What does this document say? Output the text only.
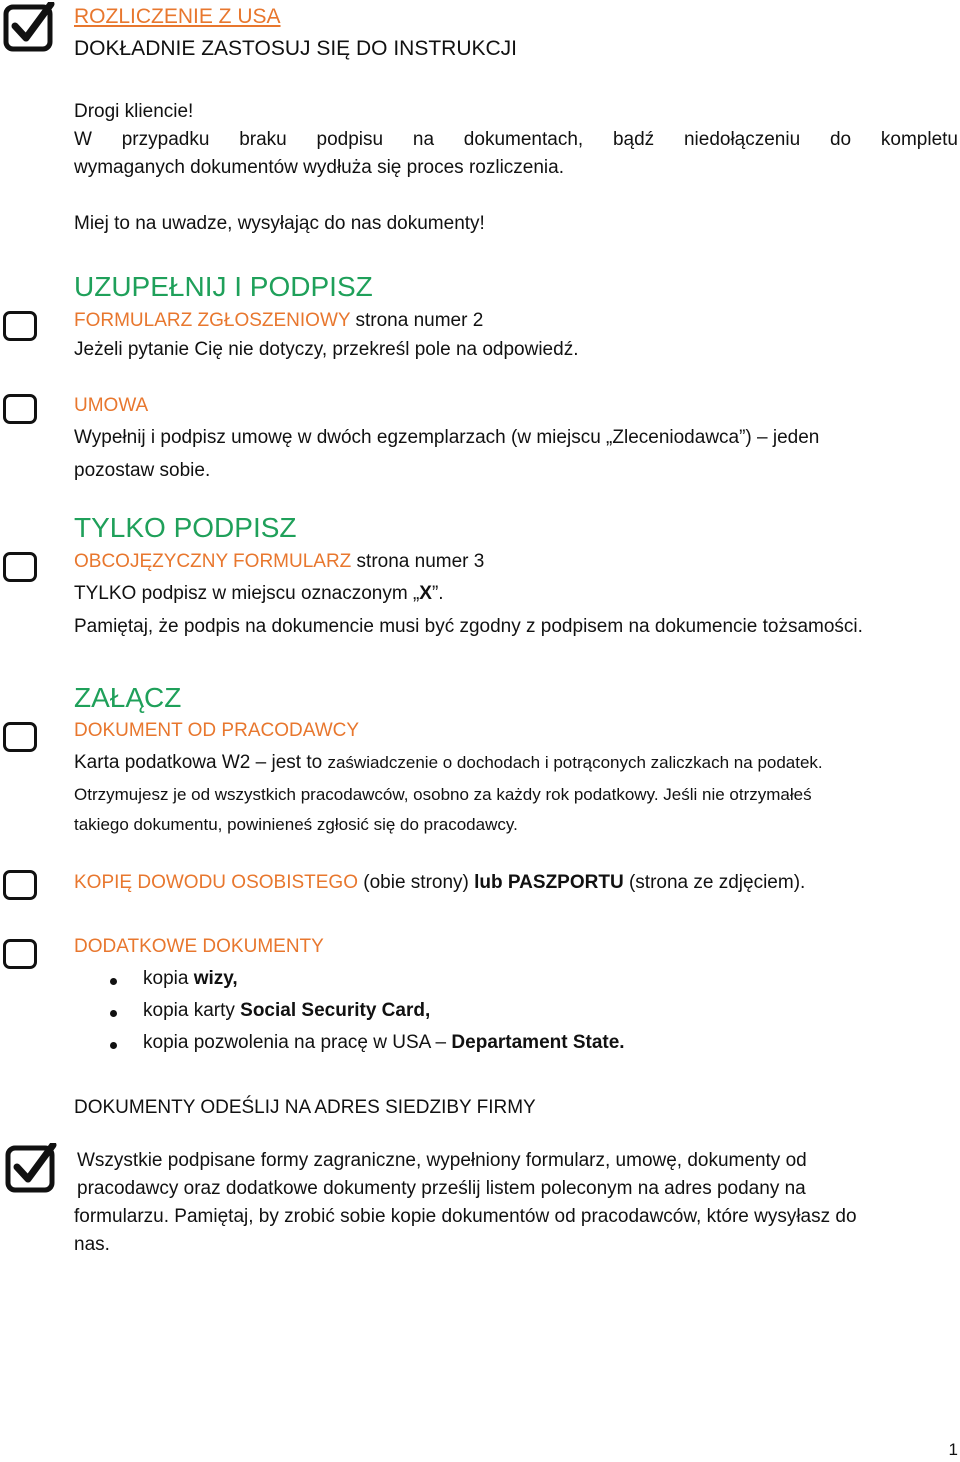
ROZLICZENIE Z USA
DOKŁADNIE ZASTOSUJ SIĘ DO INSTRUKCJI
Drogi kliencie!
W przypadku braku podpisu na dokumentach, bądź niedołączeniu do kompletu
wymaganych dokumentów wydłuża się proces rozliczenia.
Miej to na uwadze, wysyłając do nas dokumenty!
UZUPEŁNIJ I PODPISZ
FORMULARZ ZGŁOSZENIOWY strona numer 2
Jeżeli pytanie Cię nie dotyczy, przekreśl pole na odpowiedź.
UMOWA
Wypełnij i podpisz umowę w dwóch egzemplarzach (w miejscu „Zleceniodawca”) – jeden
pozostaw sobie.
TYLKO PODPISZ
OBCOJĘZYCZNY FORMULARZ strona numer 3
TYLKO podpisz w miejscu oznaczonym „X”.
Pamiętaj, że podpis na dokumencie musi być zgodny z podpisem na dokumencie tożsamości.
ZAŁĄCZ
DOKUMENT OD PRACODAWCY
Karta podatkowa W2 – jest to zaświadczenie o dochodach i potrąconych zaliczkach na podatek.
Otrzymujesz je od wszystkich pracodawców, osobno za każdy rok podatkowy. Jeśli nie otrzymałeś
takiego dokumentu, powinieneś zgłosić się do pracodawcy.
KOPIĘ DOWODU OSOBISTEGO (obie strony) lub PASZPORTU (strona ze zdjęciem).
DODATKOWE DOKUMENTY
kopia wizy,
kopia karty Social Security Card,
kopia pozwolenia na pracę w USA – Departament State.
DOKUMENTY ODEŚLIJ NA ADRES SIEDZIBY FIRMY
Wszystkie podpisane formy zagraniczne, wypełniony formularz, umowę, dokumenty od
pracodawcy oraz dodatkowe dokumenty prześlij listem poleconym na adres podany na
formularzu. Pamiętaj, by zrobić sobie kopie dokumentów od pracodawców, które wysyłasz do
nas.
1
